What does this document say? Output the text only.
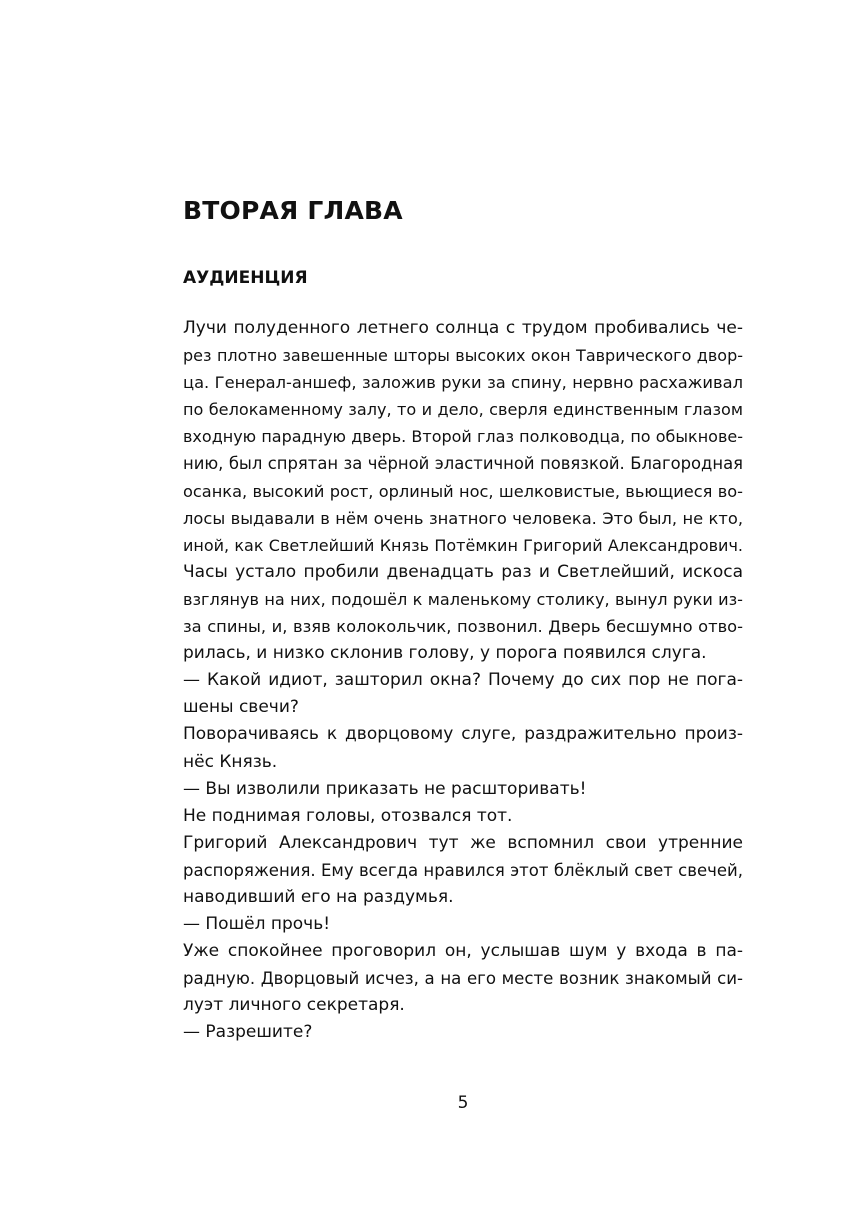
ВТОРАЯ ГЛАВА
АУДИЕНЦИЯ
Лучи полуденного летнего солнца с трудом пробивались че-
рез плотно завешенные шторы высоких окон Таврического двор-
ца. Генерал-аншеф, заложив руки за спину, нервно расхаживал
по белокаменному залу, то и дело, сверля единственным глазом
входную парадную дверь. Второй глаз полководца, по обыкнове-
нию, был спрятан за чёрной эластичной повязкой. Благородная
осанка, высокий рост, орлиный нос, шелковистые, вьющиеся во-
лосы выдавали в нём очень знатного человека. Это был, не кто,
иной, как Светлейший Князь Потёмкин Григорий Александрович.
Часы устало пробили двенадцать раз и Светлейший, искоса
взглянув на них, подошёл к маленькому столику, вынул руки из-
за спины, и, взяв колокольчик, позвонил. Дверь бесшумно отво-
рилась, и низко склонив голову, у порога появился слуга.
— Какой идиот, зашторил окна? Почему до сих пор не пога-
шены свечи?
Поворачиваясь к дворцовому слуге, раздражительно произ-
нёс Князь.
— Вы изволили приказать не расшторивать!
Не поднимая головы, отозвался тот.
Григорий Александрович тут же вспомнил свои утренние
распоряжения. Ему всегда нравился этот блёклый свет свечей,
наводивший его на раздумья.
— Пошёл прочь!
Уже спокойнее проговорил он, услышав шум у входа в па-
радную. Дворцовый исчез, а на его месте возник знакомый си-
луэт личного секретаря.
— Разрешите?

5
